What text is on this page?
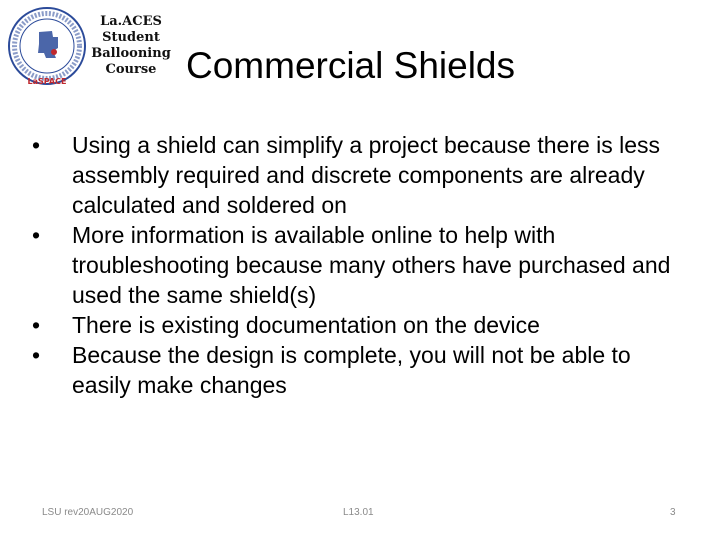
LaSPACE
La.ACES
Student
Ballooning
Course Commercial Shields
•	Using a shield can simplify a project because there is less assembly required and discrete components are already calculated and soldered on
•	More information is available online to help with troubleshooting because many others have purchased and used the same shield(s)
•	There is existing documentation on the device
•	Because the design is complete, you will not be able to easily make changes
LSU rev20AUG2020	L13.01	3
